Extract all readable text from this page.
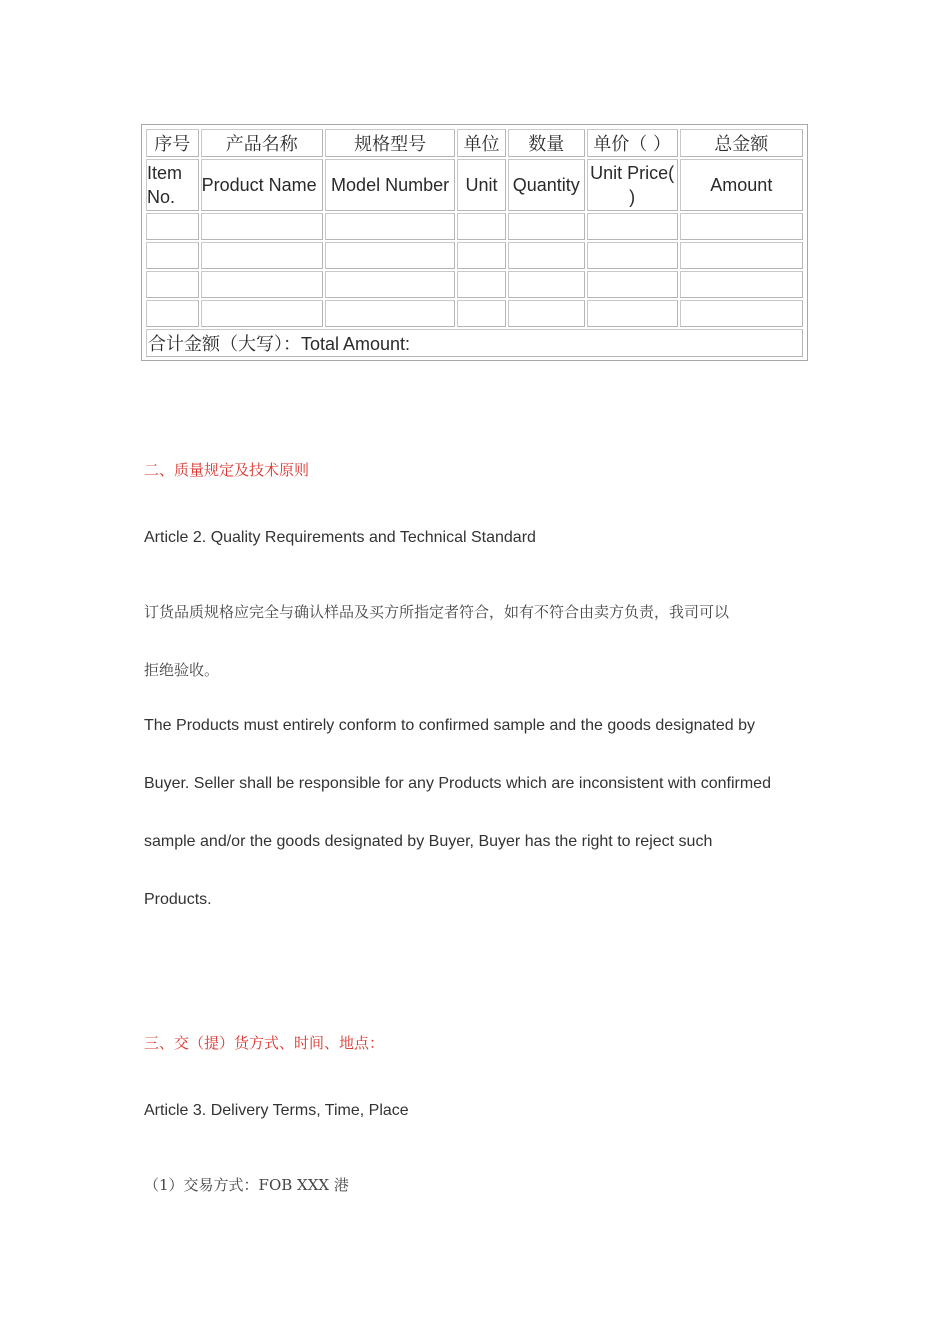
序号	产品名称	规格型号	单位	数量	单价（ ）	总金额
Item No.	Product Name	Model Number	Unit	Quantity	Unit Price( )	Amount

合计金额（大写）：Total Amount:						
二、质量规定及技术原则
Article 2. Quality Requirements and Technical Standard
订货品质规格应完全与确认样品及买方所指定者符合，如有不符合由卖方负责，我司可以
拒绝验收。
The Products must entirely conform to confirmed sample and the goods designated by
Buyer. Seller shall be responsible for any Products which are inconsistent with confirmed
sample and/or the goods designated by Buyer, Buyer has the right to reject such
Products.
三、交（提）货方式、时间、地点：
Article 3. Delivery Terms, Time, Place
（1）交易方式：FOB XXX 港
